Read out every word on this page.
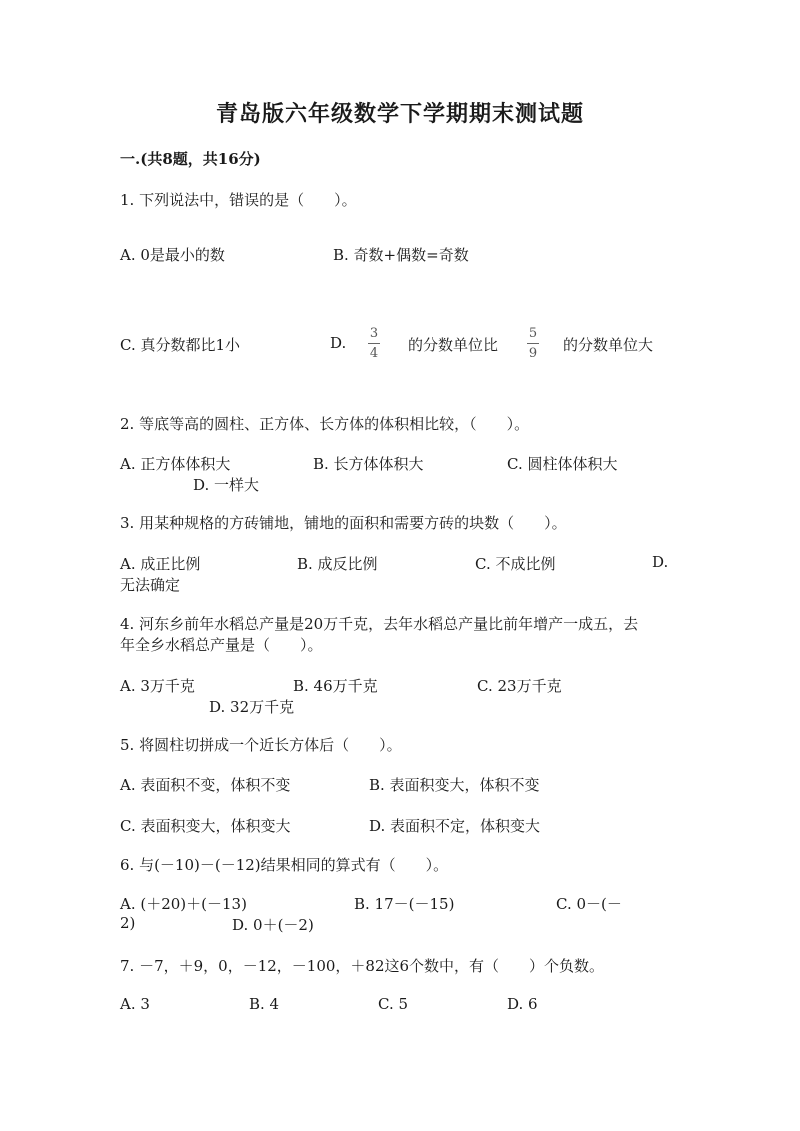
青岛版六年级数学下学期期末测试题
一.(共8题，共16分)
1. 下列说法中，错误的是（　　）。
A. 0是最小的数	B. 奇数+偶数=奇数
C. 真分数都比1小	D.
3
4 的分数单位比
5
9 的分数单位大
2. 等底等高的圆柱、正方体、长方体的体积相比较，（　　）。
A. 正方体体积大	B. 长方体体积大	C. 圆柱体体积大
D. 一样大
3. 用某种规格的方砖铺地，铺地的面积和需要方砖的块数（　　）。
A. 成正比例	B. 成反比例	C. 不成比例	D.
无法确定
4. 河东乡前年水稻总产量是20万千克，去年水稻总产量比前年增产一成五，去
年全乡水稻总产量是（　　）。
A. 3万千克	B. 46万千克	C. 23万千克
D. 32万千克
5. 将圆柱切拼成一个近长方体后（　　）。
A. 表面积不变，体积不变	B. 表面积变大，体积不变
C. 表面积变大，体积变大	D. 表面积不定，体积变大
6. 与(－10)－(－12)结果相同的算式有（　　）。
A. (＋20)＋(－13)	B. 17－(－15)	C. 0－(－
2)	D. 0＋(－2)
7. －7，＋9，0，－12，－100，＋82这6个数中，有（　　）个负数。
A. 3	B. 4	C. 5	D. 6
